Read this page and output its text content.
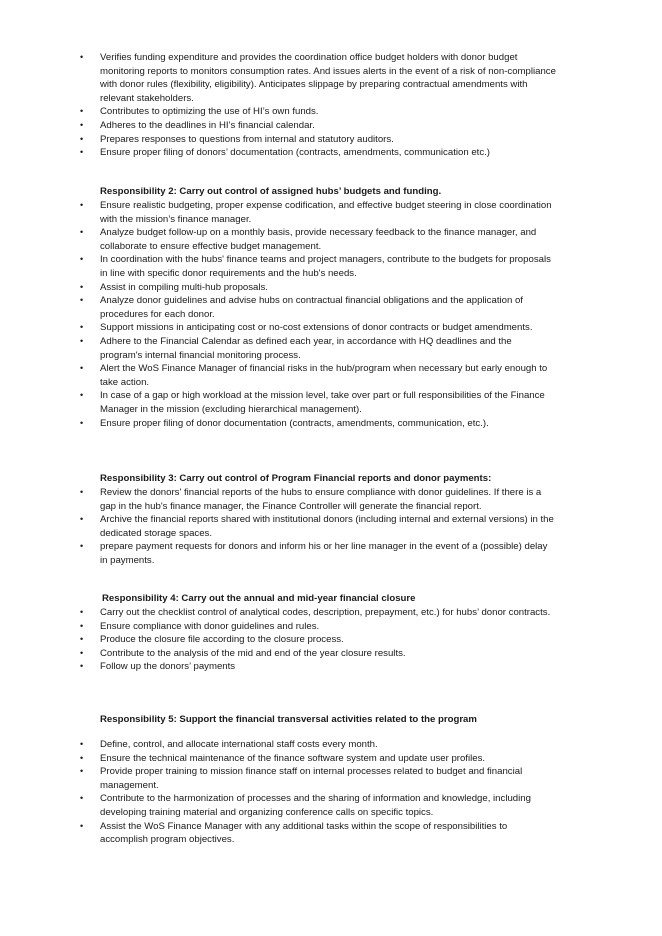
•	Verifies funding expenditure and provides the coordination office budget holders with donor budget monitoring reports to monitors consumption rates. And issues alerts in the event of a risk of non-compliance with donor rules (flexibility, eligibility). Anticipates slippage by preparing contractual amendments with relevant stakeholders.
•	Contributes to optimizing the use of HI’s own funds.
•	Adheres to the deadlines in HI’s financial calendar.
•	Prepares responses to questions from internal and statutory auditors.
•	Ensure proper filing of donors’ documentation (contracts, amendments, communication etc.)

Responsibility 2: Carry out control of assigned hubs’ budgets and funding.

•	Ensure realistic budgeting, proper expense codification, and effective budget steering in close coordination with the mission’s finance manager.
•	Analyze budget follow-up on a monthly basis, provide necessary feedback to the finance manager, and collaborate to ensure effective budget management.
•	In coordination with the hubs' finance teams and project managers, contribute to the budgets for proposals in line with specific donor requirements and the hub's needs.
•	Assist in compiling multi-hub proposals.
•	Analyze donor guidelines and advise hubs on contractual financial obligations and the application of procedures for each donor.
•	Support missions in anticipating cost or no-cost extensions of donor contracts or budget amendments.
•	Adhere to the Financial Calendar as defined each year, in accordance with HQ deadlines and the program's internal financial monitoring process.
•	Alert the WoS Finance Manager of financial risks in the hub/program when necessary but early enough to take action.
•	In case of a gap or high workload at the mission level, take over part or full responsibilities of the Finance Manager in the mission (excluding hierarchical management).
•	Ensure proper filing of donor documentation (contracts, amendments, communication, etc.).

Responsibility 3: Carry out control of Program Financial reports and donor payments:

•	Review the donors' financial reports of the hubs to ensure compliance with donor guidelines. If there is a gap in the hub's finance manager, the Finance Controller will generate the financial report.
•	Archive the financial reports shared with institutional donors (including internal and external versions) in the dedicated storage spaces.
•	prepare payment requests for donors and inform his or her line manager in the event of a (possible) delay in payments.

Responsibility 4: Carry out the annual and mid-year financial closure

•	Carry out the checklist control of analytical codes, description, prepayment, etc.) for hubs’ donor contracts.
•	Ensure compliance with donor guidelines and rules.
•	Produce the closure file according to the closure process.
•	Contribute to the analysis of the mid and end of the year closure results.
•	Follow up the donors’ payments

Responsibility 5: Support the financial transversal activities related to the program

•	Define, control, and allocate international staff costs every month.
•	Ensure the technical maintenance of the finance software system and update user profiles.
•	Provide proper training to mission finance staff on internal processes related to budget and financial management.
•	Contribute to the harmonization of processes and the sharing of information and knowledge, including developing training material and organizing conference calls on specific topics.
•	Assist the WoS Finance Manager with any additional tasks within the scope of responsibilities to accomplish program objectives.
